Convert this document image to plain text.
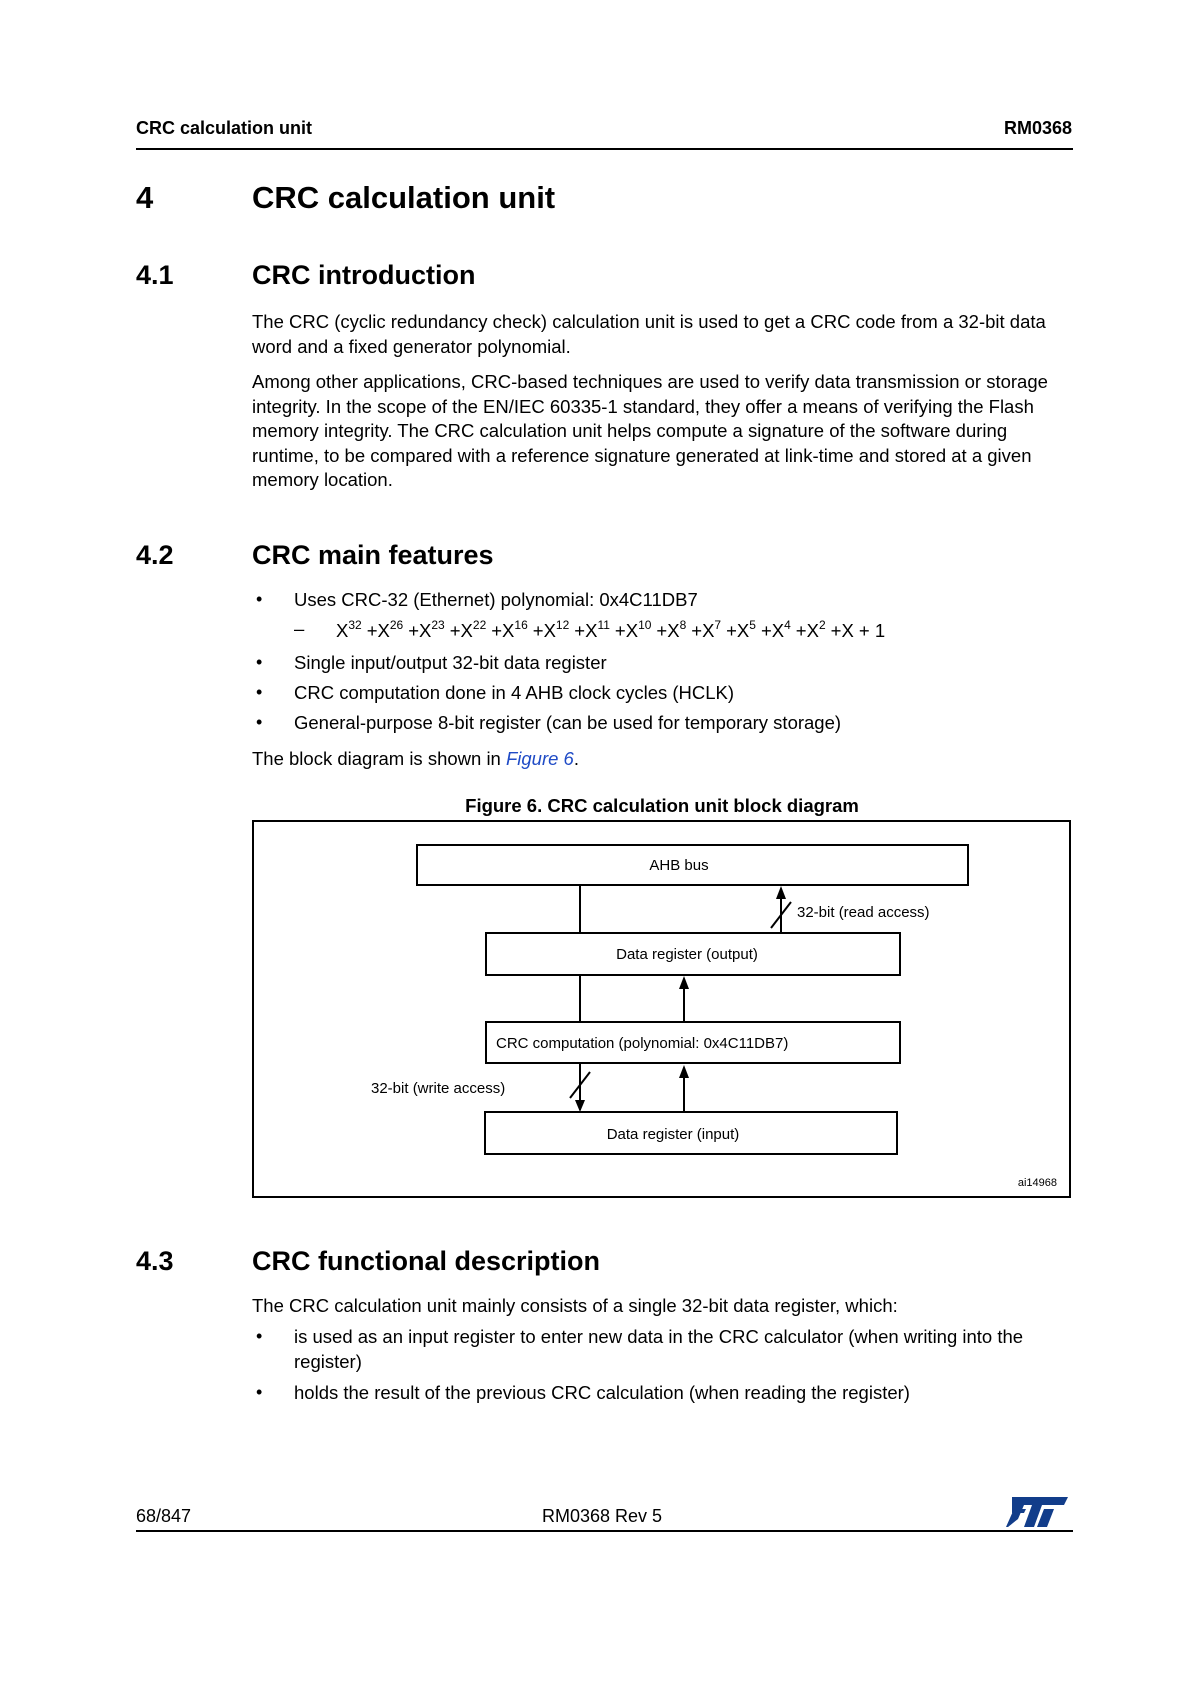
CRC calculation unit	RM0368
4	CRC calculation unit
4.1	CRC introduction
The CRC (cyclic redundancy check) calculation unit is used to get a CRC code from a 32-bit data word and a fixed generator polynomial.
Among other applications, CRC-based techniques are used to verify data transmission or storage integrity. In the scope of the EN/IEC 60335-1 standard, they offer a means of verifying the Flash memory integrity. The CRC calculation unit helps compute a signature of the software during runtime, to be compared with a reference signature generated at link-time and stored at a given memory location.
4.2	CRC main features
• Uses CRC-32 (Ethernet) polynomial: 0x4C11DB7
– $X^{32} +X^{26} +X^{23} +X^{22} +X^{16} +X^{12} +X^{11} +X^{10} +X^8 +X^7 +X^5 +X^4 +X^2 +X + 1$
• Single input/output 32-bit data register
• CRC computation done in 4 AHB clock cycles (HCLK)
• General-purpose 8-bit register (can be used for temporary storage)
The block diagram is shown in Figure 6.
Figure 6. CRC calculation unit block diagram
AHB bus
32-bit (read access)
Data register (output)
CRC computation (polynomial: 0x4C11DB7)
32-bit (write access)
Data register (input)
ai14968
4.3	CRC functional description
The CRC calculation unit mainly consists of a single 32-bit data register, which:
• is used as an input register to enter new data in the CRC calculator (when writing into the register)
• holds the result of the previous CRC calculation (when reading the register)
68/847	RM0368 Rev 5
